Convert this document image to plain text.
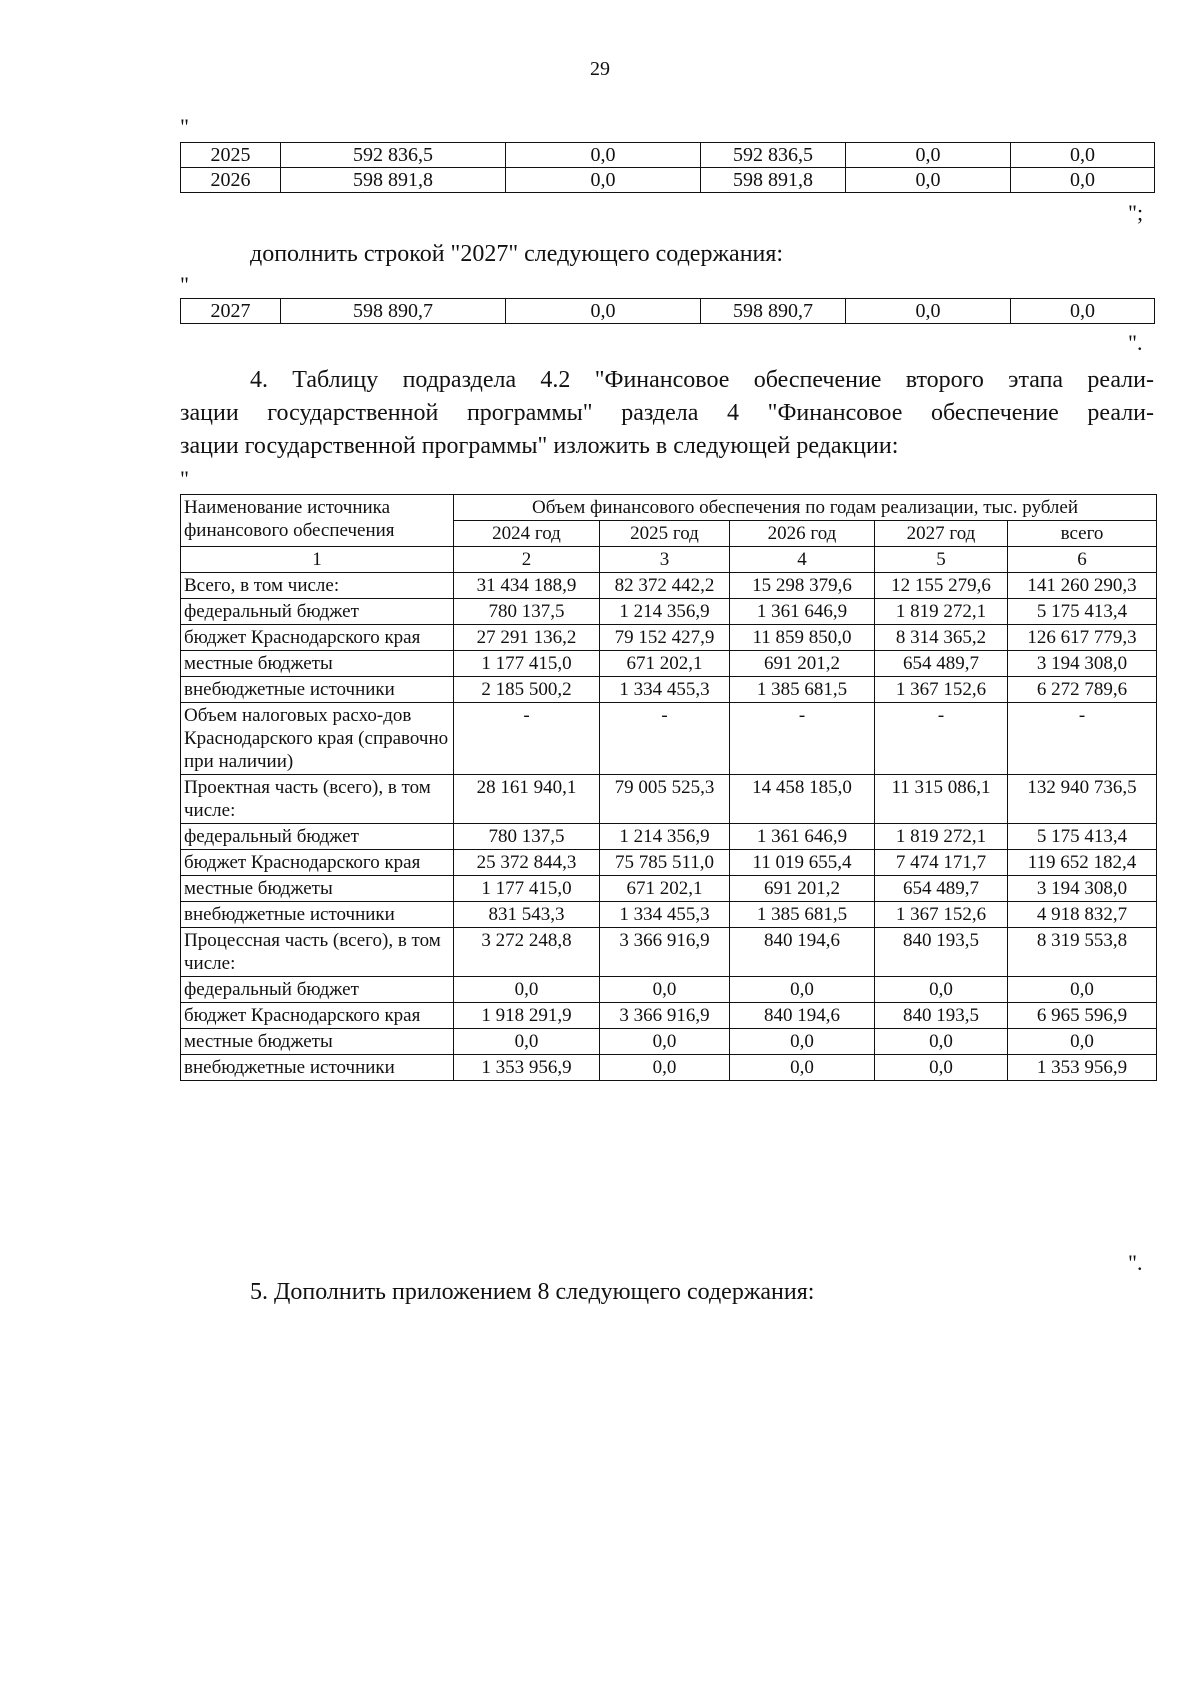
29
"
2025	592 836,5	0,0	592 836,5	0,0	0,0
2026	598 891,8	0,0	598 891,8	0,0	0,0
";
дополнить строкой "2027" следующего содержания:
"
2027	598 890,7	0,0	598 890,7	0,0	0,0
".
4. Таблицу подраздела 4.2 "Финансовое обеспечение второго этапа реали-
зации государственной программы" раздела 4 "Финансовое обеспечение реали-
зации государственной программы" изложить в следующей редакции:
"
Наименование источника финансового обеспечения	Объем финансового обеспечения по годам реализации, тыс. рублей				
	2024 год	2025 год	2026 год	2027 год	всего
1	2	3	4	5	6
Всего, в том числе:	31 434 188,9	82 372 442,2	15 298 379,6	12 155 279,6	141 260 290,3
федеральный бюджет	780 137,5	1 214 356,9	1 361 646,9	1 819 272,1	5 175 413,4
бюджет Краснодарского края	27 291 136,2	79 152 427,9	11 859 850,0	8 314 365,2	126 617 779,3
местные бюджеты	1 177 415,0	671 202,1	691 201,2	654 489,7	3 194 308,0
внебюджетные источники	2 185 500,2	1 334 455,3	1 385 681,5	1 367 152,6	6 272 789,6
Объем налоговых расхо-дов Краснодарского края (справочно при наличии)	-	-	-	-	-
Проектная часть (всего), в том числе:	28 161 940,1	79 005 525,3	14 458 185,0	11 315 086,1	132 940 736,5
федеральный бюджет	780 137,5	1 214 356,9	1 361 646,9	1 819 272,1	5 175 413,4
бюджет Краснодарского края	25 372 844,3	75 785 511,0	11 019 655,4	7 474 171,7	119 652 182,4
местные бюджеты	1 177 415,0	671 202,1	691 201,2	654 489,7	3 194 308,0
внебюджетные источники	831 543,3	1 334 455,3	1 385 681,5	1 367 152,6	4 918 832,7
Процессная часть (всего), в том числе:	3 272 248,8	3 366 916,9	840 194,6	840 193,5	8 319 553,8
федеральный бюджет	0,0	0,0	0,0	0,0	0,0
бюджет Краснодарского края	1 918 291,9	3 366 916,9	840 194,6	840 193,5	6 965 596,9
местные бюджеты	0,0	0,0	0,0	0,0	0,0
внебюджетные источники	1 353 956,9	0,0	0,0	0,0	1 353 956,9
".
5. Дополнить приложением 8 следующего содержания:
